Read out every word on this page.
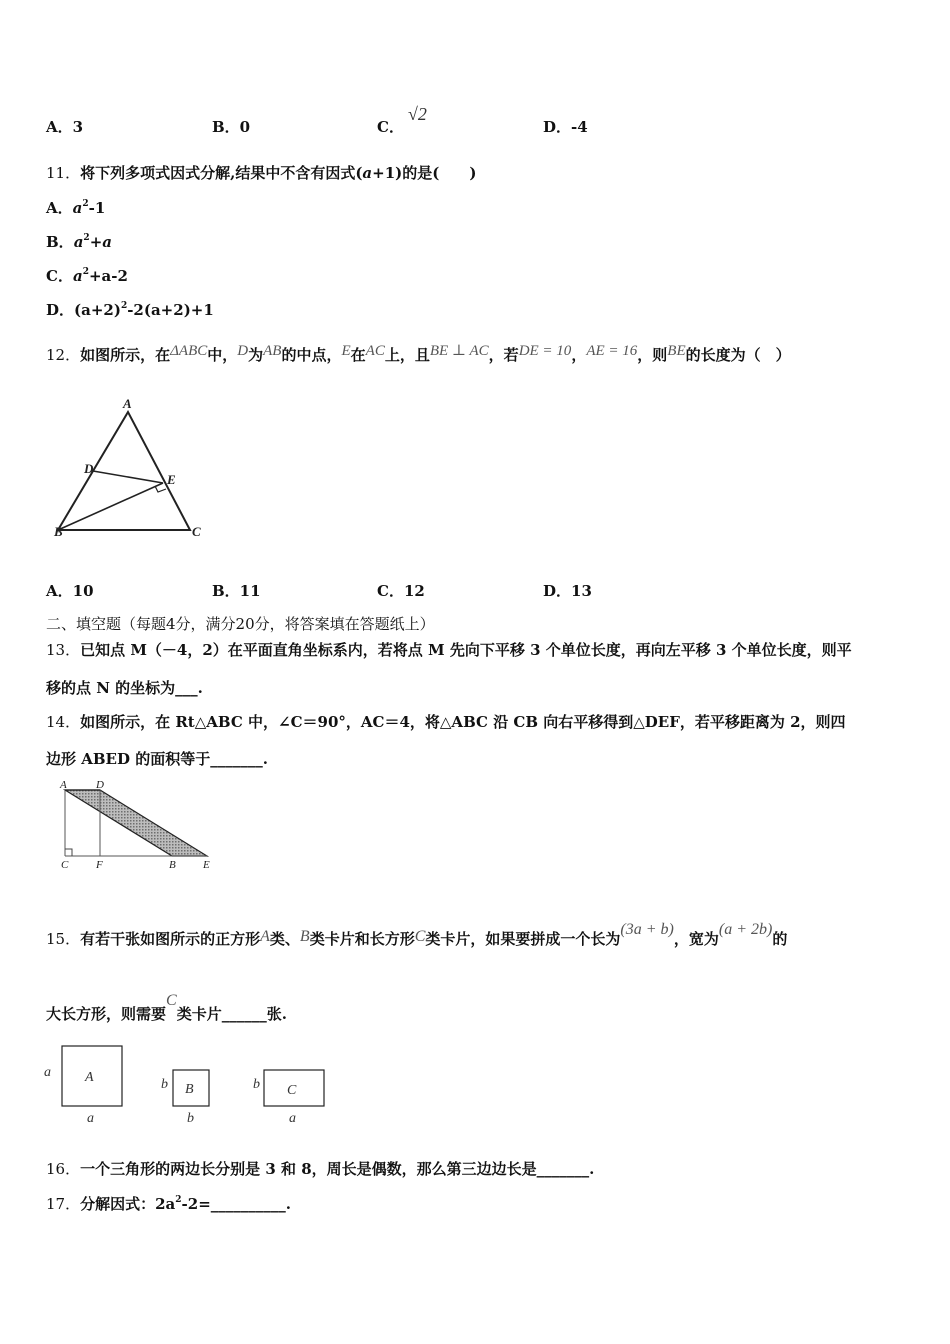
A．3	B．0	C．√2
D．-4
11．将下列多项式因式分解,结果中不含有因式(a+1)的是(　　)
A．$a^2-1$
B．$a^2+a$
C．$a^2+a-2$
D．$(a+2)^2-2(a+2)+1$
12．如图所示，在ΔABC中，D为AB的中点，E在AC上，且BE ⊥ AC，若DE = 10，AE = 16，则BE的长度为（　）
A
D
E
B	C
A．10	B．11	C．12	D．13
二、填空题（每题4分，满分20分，将答案填在答题纸上）
13．已知点 M（－4，2）在平面直角坐标系内，若将点 M 先向下平移 3 个单位长度，再向左平移 3 个单位长度，则平
移的点 N 的坐标为___.
14．如图所示，在 Rt△ABC 中，∠C＝90°，AC＝4，将△ABC 沿 CB 向右平移得到△DEF，若平移距离为 2，则四
边形 ABED 的面积等于_______.
A	D
C	F	B E
15．有若干张如图所示的正方形A类、B类卡片和长方形C类卡片，如果要拼成一个长为(3a + b)，宽为(a + 2b)的
大长方形，则需要C类卡片______张.
A
a
a
B
b
b
C
b
a
16．一个三角形的两边长分别是 3 和 8，周长是偶数，那么第三边边长是_______.
17．分解因式：$2a^2-2=\_\_\_\_\_\_\_\_\_\_$.
